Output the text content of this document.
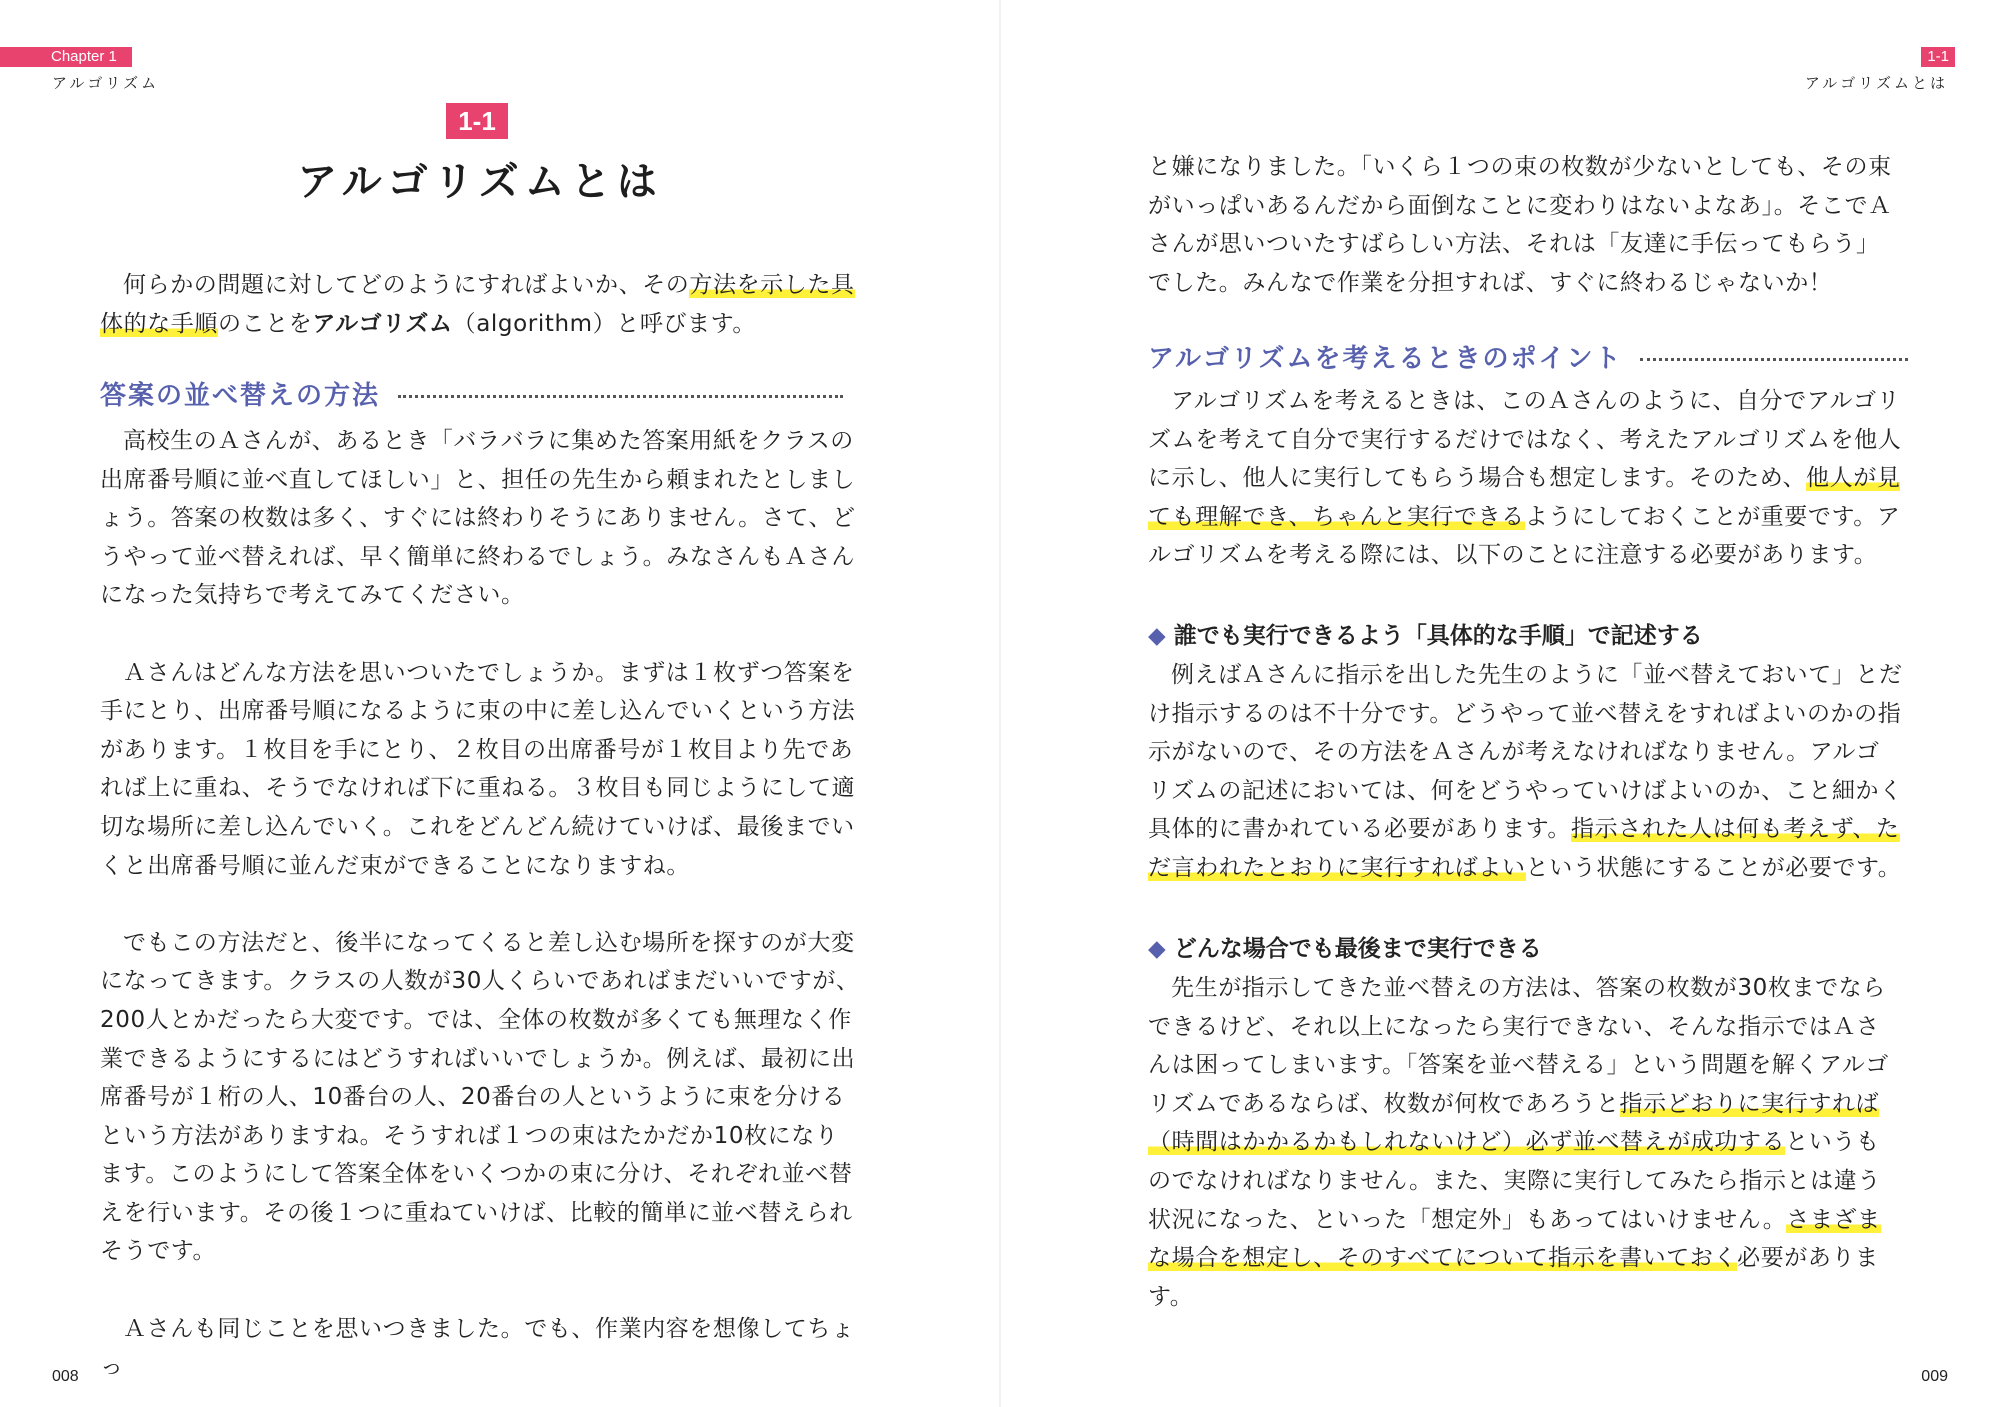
Chapter 1
アルゴリズム
1-1
アルゴリズムとは

何らかの問題に対してどのようにすればよいか、その方法を示した具体的な手順のことをアルゴリズム（algorithm）と呼びます。

答案の並べ替えの方法

高校生のＡさんが、あるとき「バラバラに集めた答案用紙をクラスの出席番号順に並べ直してほしい」と、担任の先生から頼まれたとしましょう。答案の枚数は多く、すぐには終わりそうにありません。さて、どうやって並べ替えれば、早く簡単に終わるでしょう。みなさんもＡさんになった気持ちで考えてみてください。

Ａさんはどんな方法を思いついたでしょうか。まずは１枚ずつ答案を手にとり、出席番号順になるように束の中に差し込んでいくという方法があります。１枚目を手にとり、２枚目の出席番号が１枚目より先であれば上に重ね、そうでなければ下に重ねる。３枚目も同じようにして適切な場所に差し込んでいく。これをどんどん続けていけば、最後までいくと出席番号順に並んだ束ができることになりますね。

でもこの方法だと、後半になってくると差し込む場所を探すのが大変になってきます。クラスの人数が30人くらいであればまだいいですが、200人とかだったら大変です。では、全体の枚数が多くても無理なく作業できるようにするにはどうすればいいでしょうか。例えば、最初に出席番号が１桁の人、10番台の人、20番台の人というように束を分けるという方法がありますね。そうすれば１つの束はたかだか10枚になります。このようにして答案全体をいくつかの束に分け、それぞれ並べ替えを行います。その後１つに重ねていけば、比較的簡単に並べ替えられそうです。

Ａさんも同じことを思いつきました。でも、作業内容を想像してちょっ

008
1-1
アルゴリズムとは

と嫌になりました。「いくら１つの束の枚数が少ないとしても、その束がいっぱいあるんだから面倒なことに変わりはないよなあ」。そこでＡさんが思いついたすばらしい方法、それは「友達に手伝ってもらう」でした。みんなで作業を分担すれば、すぐに終わるじゃないか！

アルゴリズムを考えるときのポイント

アルゴリズムを考えるときは、このＡさんのように、自分でアルゴリズムを考えて自分で実行するだけではなく、考えたアルゴリズムを他人に示し、他人に実行してもらう場合も想定します。そのため、他人が見ても理解でき、ちゃんと実行できるようにしておくことが重要です。アルゴリズムを考える際には、以下のことに注意する必要があります。

◆ 誰でも実行できるよう「具体的な手順」で記述する

例えばＡさんに指示を出した先生のように「並べ替えておいて」とだけ指示するのは不十分です。どうやって並べ替えをすればよいのかの指示がないので、その方法をＡさんが考えなければなりません。アルゴリズムの記述においては、何をどうやっていけばよいのか、こと細かく具体的に書かれている必要があります。指示された人は何も考えず、ただ言われたとおりに実行すればよいという状態にすることが必要です。

◆ どんな場合でも最後まで実行できる

先生が指示してきた並べ替えの方法は、答案の枚数が30枚までならできるけど、それ以上になったら実行できない、そんな指示ではＡさんは困ってしまいます。「答案を並べ替える」という問題を解くアルゴリズムであるならば、枚数が何枚であろうと指示どおりに実行すれば（時間はかかるかもしれないけど）必ず並べ替えが成功するというものでなければなりません。また、実際に実行してみたら指示とは違う状況になった、といった「想定外」もあってはいけません。さまざまな場合を想定し、そのすべてについて指示を書いておく必要があります。

009
